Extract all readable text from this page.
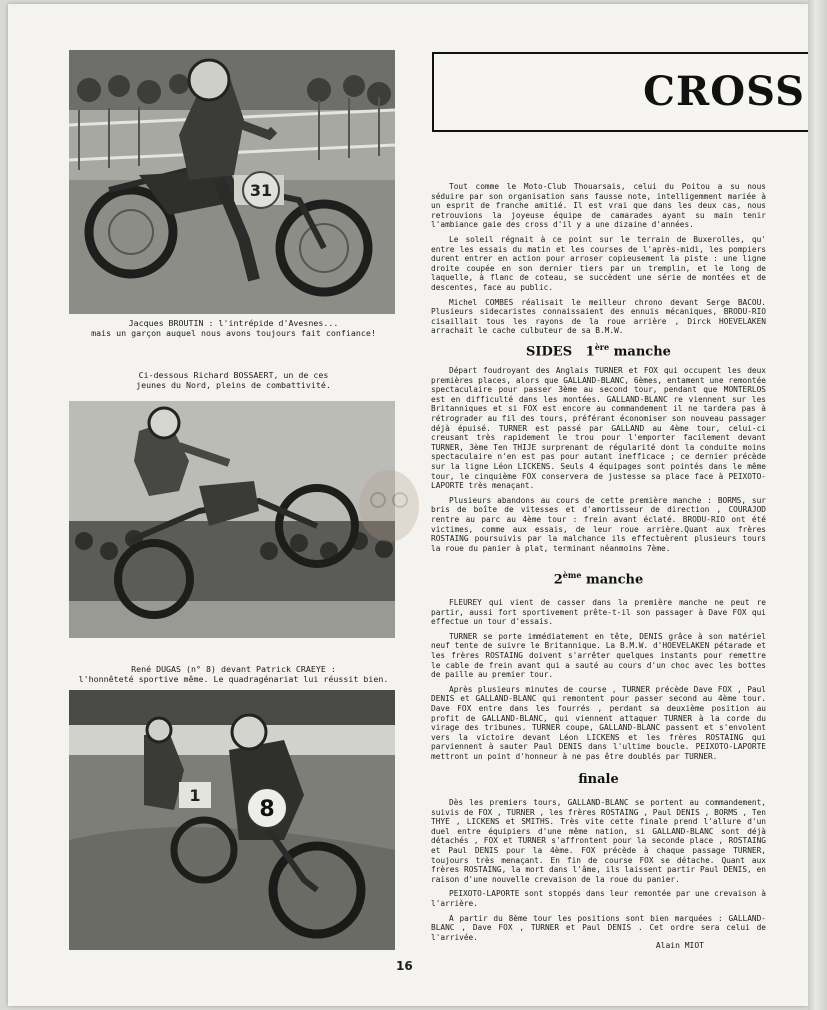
31
Jacques BROUTIN : l'intrépide d'Avesnes...
mais un garçon auquel nous avons toujours fait confiance!
Ci-dessous Richard BOSSAERT, un de ces
jeunes du Nord, pleins de combattivité.
René DUGAS (n° 8) devant Patrick CRAEYE :
l'honnêteté sportive même. Le quadragénariat lui réussit bien.
1
8
CROSS

Tout comme le Moto-Club Thouarsais, celui du Poitou a su nous séduire par son organisation sans fausse note, intelligemment mariée à un esprit de franche amitié. Il est vrai que dans les deux cas, nous retrouvions la joyeuse équipe de camarades ayant su main tenir l'ambiance gaie des cross d'il y a une dizaine d'années.

Le soleil régnait à ce point sur le terrain de Buxerolles, qu' entre les essais du matin et les courses de l'après-midi, les pompiers durent entrer en action pour arroser copieusement la piste : une ligne droite coupée en son dernier tiers par un tremplin, et le long de laquelle, à flanc de coteau, se succèdent une série de montées et de descentes, face au public.

Michel COMBES réalisait le meilleur chrono devant Serge BACOU. Plusieurs sidecaristes connaissaient des ennuis mécaniques, BRODU-RIO cisaillait tous les rayons de la roue arrière , Dirck HOEVELAKEN arrachait le cache culbuteur de sa B.M.W.

SIDES 1ère manche

Départ foudroyant des Anglais TURNER et FOX qui occupent les deux premières places, alors que GALLAND-BLANC, 6èmes, entament une remontée spectaculaire pour passer 3ème au second tour, pendant que MONTERLOS est en difficulté dans les montées. GALLAND-BLANC re viennent sur les Britanniques et si FOX est encore au commandement il ne tardera pas à rétrograder au fil des tours, préférant économiser son nouveau passager déjà épuisé. TURNER est passé par GALLAND au 4ème tour, celui-ci creusant très rapidement le trou pour l'emporter facilement devant TURNER, 3ème Ten THIJE surprenant de régularité dont la conduite moins spectaculaire n'en est pas pour autant inefficace ; ce dernier précède sur la ligne Léon LICKENS. Seuls 4 équipages sont pointés dans le même tour, le cinquième FOX conservera de justesse sa place face à PEIXOTO-LAPORTE très menaçant.

Plusieurs abandons au cours de cette première manche : BORMS, sur bris de boîte de vitesses et d'amortisseur de direction , COURAJOD rentre au parc au 4ème tour : frein avant éclaté. BRODU-RIO ont été victimes, comme aux essais, de leur roue arrière.Quant aux frères ROSTAING poursuivis par la malchance ils effectuèrent plusieurs tours la roue du panier à plat, terminant néanmoins 7ème.

2ème manche

FLEUREY qui vient de casser dans la première manche ne peut re partir, aussi fort sportivement prête-t-il son passager à Dave FOX qui effectue un tour d'essais.

TURNER se porte immédiatement en tête, DENIS grâce à son matériel neuf tente de suivre le Britannique. La B.M.W. d'HOEVELAKEN pétarade et les frères ROSTAING doivent s'arrêter quelques instants pour remettre le cable de frein avant qui a sauté au cours d'un choc avec les bottes de paille au premier tour.

Après plusieurs minutes de course , TURNER précède Dave FOX , Paul DENIS et GALLAND-BLANC qui remontent pour passer second au 4ème tour. Dave FOX entre dans les fourrés , perdant sa deuxième position au profit de GALLAND-BLANC, qui viennent attaquer TURNER à la corde du virage des tribunes. TURNER coupe, GALLAND-BLANC passent et s'envolent vers la victoire devant Léon LICKENS et les frères ROSTAING qui parviennent à sauter Paul DENIS dans l'ultime boucle. PEIXOTO-LAPORTE mettront un point d'honneur à ne pas être doublés par TURNER.

finale

Dès les premiers tours, GALLAND-BLANC se portent au commandement, suivis de FOX , TURNER , les frères ROSTAING , Paul DENIS , BORMS , Ten THYE , LICKENS et SMITHS. Très vite cette finale prend l'allure d'un duel entre équipiers d'une même nation, si GALLAND-BLANC sont déjà détachés , FOX et TURNER s'affrontent pour la seconde place , ROSTAING et Paul DENIS pour la 4ème. FOX précède à chaque passage TURNER, toujours très menaçant. En fin de course FOX se détache. Quant aux frères ROSTAING, la mort dans l'âme, ils laissent partir Paul DENIS, en raison d'une nouvelle crevaison de la roue du panier.

PEIXOTO-LAPORTE sont stoppés dans leur remontée par une crevaison à l'arrière.

A partir du 8ème tour les positions sont bien marquées : GALLAND-BLANC , Dave FOX , TURNER et Paul DENIS . Cet ordre sera celui de l'arrivée.

Alain MIOT
16
